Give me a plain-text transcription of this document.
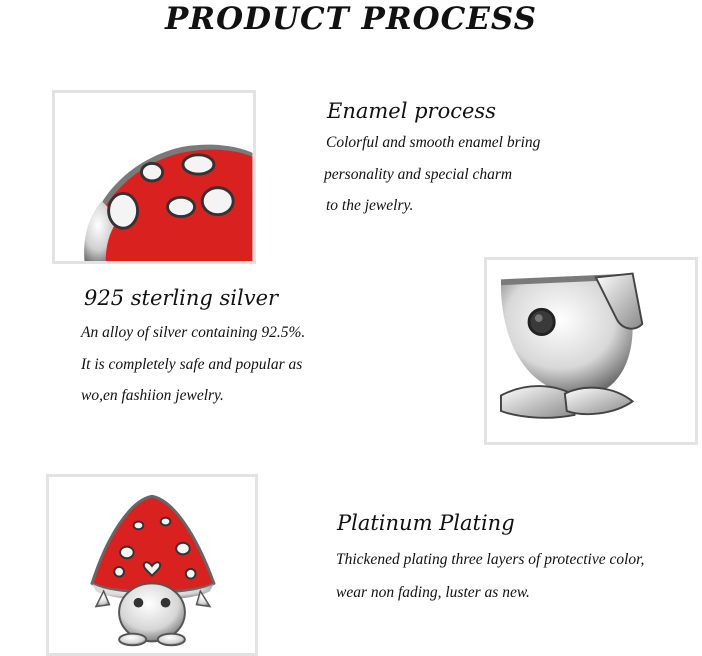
PRODUCT PROCESS
Enamel process
Colorful and smooth enamel bring
personality and special charm
to the jewelry.
925 sterling silver
An alloy of silver containing 92.5%.
It is completely safe and popular as
wo,en fashiion jewelry.
Platinum Plating
Thickened plating three layers of protective color,
wear non fading, luster as new.
